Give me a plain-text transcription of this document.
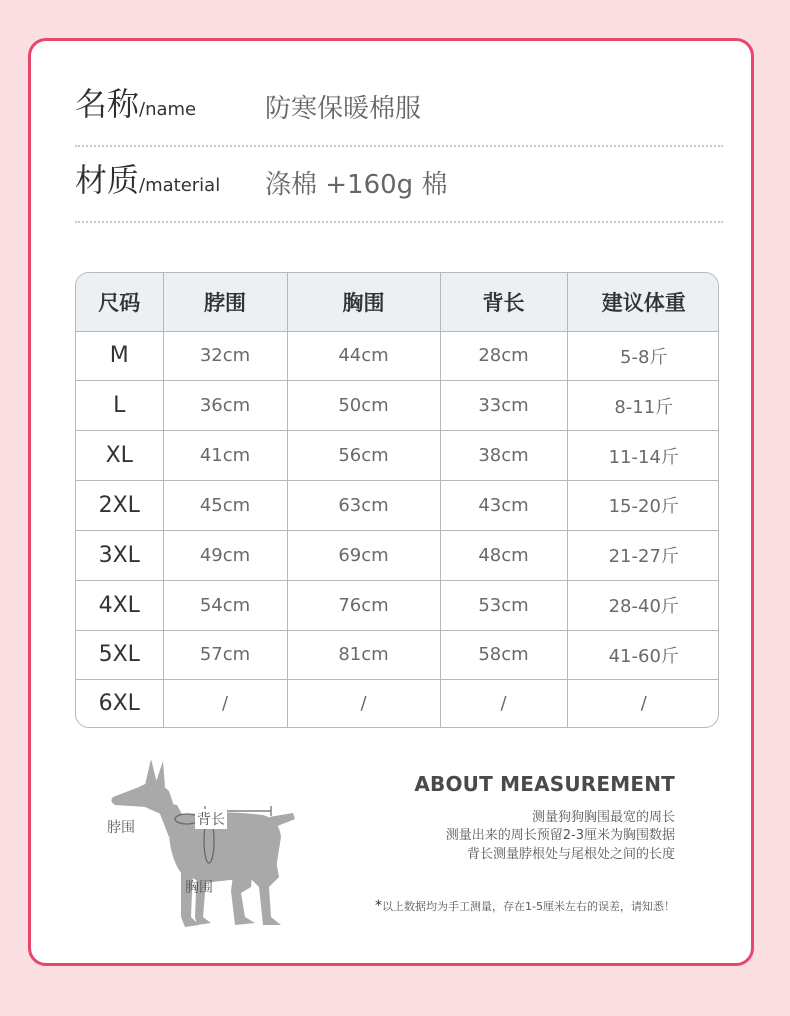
名称/name	防寒保暖棉服
材质/material 涤棉 +160g 棉
尺码	脖围	胸围	背长	建议体重
M	32cm	44cm	28cm	5-8斤
L	36cm	50cm	33cm	8-11斤
XL	41cm	56cm	38cm	11-14斤
2XL	45cm	63cm	43cm	15-20斤
3XL	49cm	69cm	48cm	21-27斤
4XL	54cm	76cm	53cm	28-40斤
5XL	57cm	81cm	58cm	41-60斤
6XL	/	/	/	/
脖围	背长
胸围
ABOUT MEASUREMENT
测量狗狗胸围最宽的周长
测量出来的周长预留2-3厘米为胸围数据
背长测量脖根处与尾根处之间的长度
*以上数据均为手工测量，存在1-5厘米左右的误差，请知悉！
